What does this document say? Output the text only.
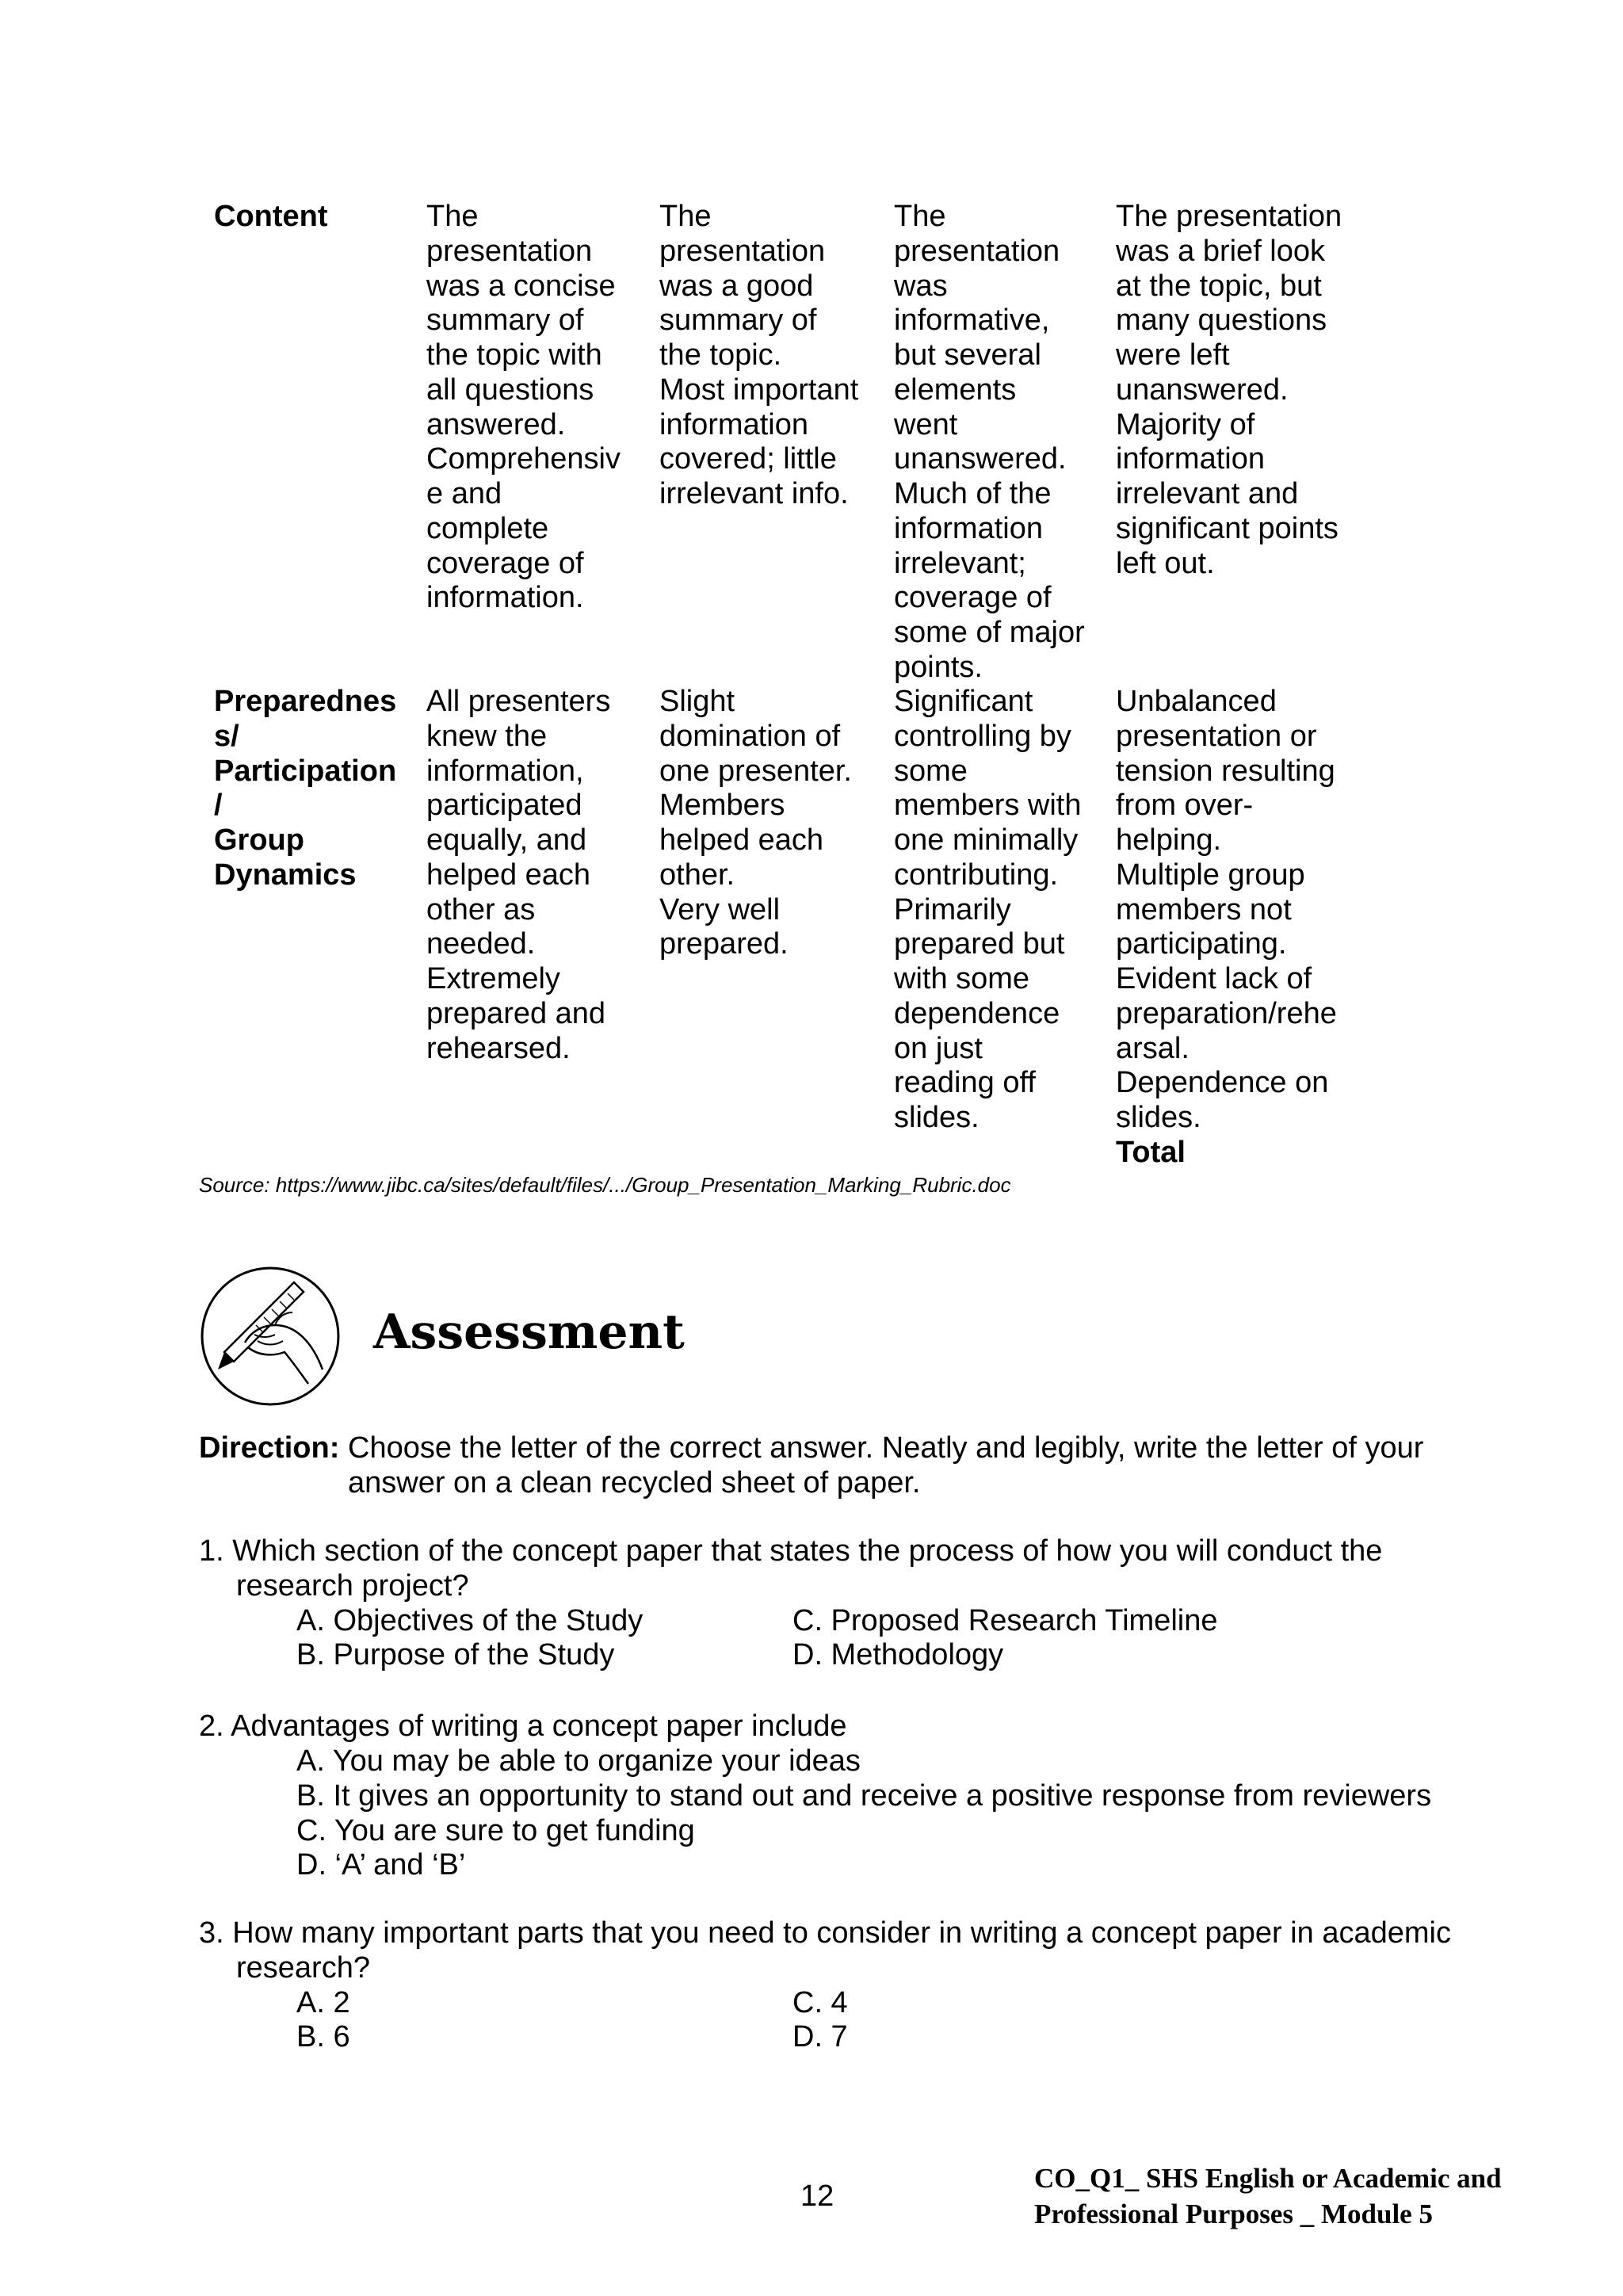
Content	The
presentation
was a concise
summary of
the topic with
all questions
answered.
Comprehensiv
e and
complete
coverage of
information.
The
presentation
was a good
summary of
the topic.
Most important
information
covered; little
irrelevant info.
The
presentation
was
informative,
but several
elements
went
unanswered.
Much of the
information
irrelevant;
coverage of
some of major
points.
The presentation
was a brief look
at the topic, but
many questions
were left
unanswered.
Majority of
information
irrelevant and
significant points
left out.
Preparednes
s/
Participation
/
Group
Dynamics
All presenters
knew the
information,
participated
equally, and
helped each
other as
needed.
Extremely
prepared and
rehearsed.
Slight
domination of
one presenter.
Members
helped each
other.
Very well
prepared.
Significant
controlling by
some
members with
one minimally
contributing.
Primarily
prepared but
with some
dependence
on just
reading off
slides.
Unbalanced
presentation or
tension resulting
from over-
helping.
Multiple group
members not
participating.
Evident lack of
preparation/rehe
arsal.
Dependence on
slides.
Total
Source: https://www.jibc.ca/sites/default/files/.../Group_Presentation_Marking_Rubric.doc
Assessment
Direction: Choose the letter of the correct answer. Neatly and legibly, write the letter of your
answer on a clean recycled sheet of paper.
1. Which section of the concept paper that states the process of how you will conduct the
research project?
A. Objectives of the Study
B. Purpose of the Study
C. Proposed Research Timeline
D. Methodology
2. Advantages of writing a concept paper include
A. You may be able to organize your ideas
B. It gives an opportunity to stand out and receive a positive response from reviewers
C. You are sure to get funding
D. ‘A’ and ‘B’
3. How many important parts that you need to consider in writing a concept paper in academic
research?
A. 2
B. 6
C. 4
D. 7
12
CO_Q1_ SHS English or Academic and
Professional Purposes _ Module 5
